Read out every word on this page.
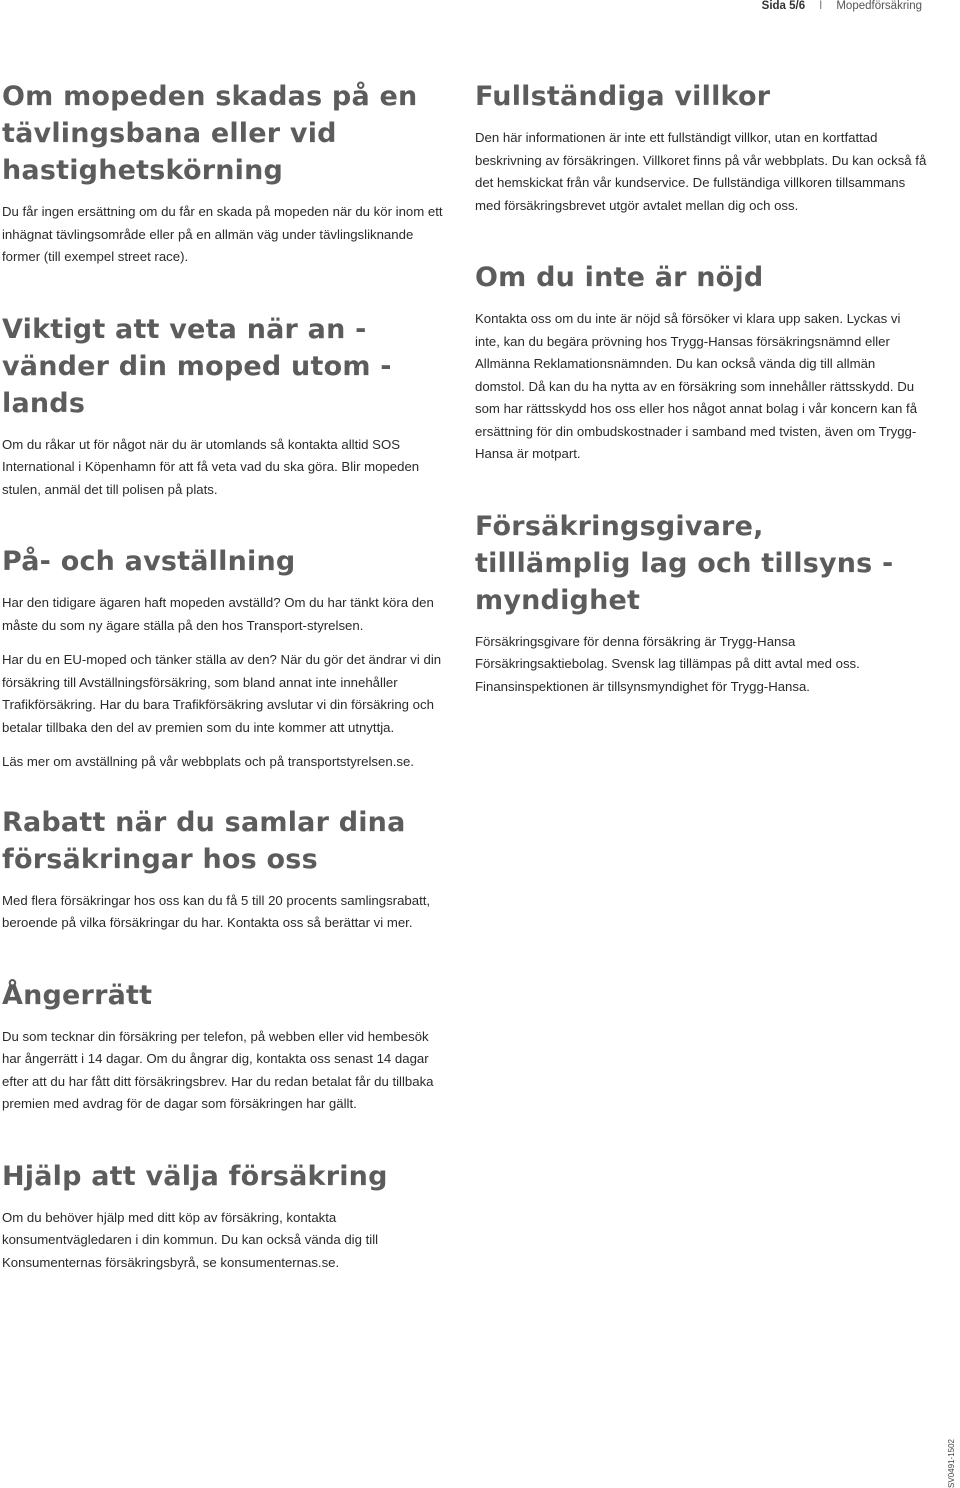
Sida 5/6 I Mopedförsäkring
Om mopeden skadas på en tävlingsbana eller vid hastighetskörning

Du får ingen ersättning om du får en skada på mopeden när du kör inom ett inhägnat tävlingsområde eller på en allmän väg under tävlingsliknande former (till exempel street race).

Viktigt att veta när an - vänder din moped utom - lands

Om du råkar ut för något när du är utomlands så kontakta alltid SOS International i Köpenhamn för att få veta vad du ska göra. Blir mopeden stulen, anmäl det till polisen på plats.

På- och avställning

Har den tidigare ägaren haft mopeden avställd? Om du har tänkt köra den måste du som ny ägare ställa på den hos Transport-styrelsen.

Har du en EU-moped och tänker ställa av den? När du gör det ändrar vi din försäkring till Avställningsförsäkring, som bland annat inte innehåller Trafikförsäkring. Har du bara Trafikförsäkring avslutar vi din försäkring och betalar tillbaka den del av premien som du inte kommer att utnyttja.

Läs mer om avställning på vår webbplats och på transportstyrelsen.se.

Rabatt när du samlar dina försäkringar hos oss

Med flera försäkringar hos oss kan du få 5 till 20 procents samlingsrabatt, beroende på vilka försäkringar du har. Kontakta oss så berättar vi mer.

Ångerrätt

Du som tecknar din försäkring per telefon, på webben eller vid hembesök har ångerrätt i 14 dagar. Om du ångrar dig, kontakta oss senast 14 dagar efter att du har fått ditt försäkringsbrev. Har du redan betalat får du tillbaka premien med avdrag för de dagar som försäkringen har gällt.

Hjälp att välja försäkring

Om du behöver hjälp med ditt köp av försäkring, kontakta konsumentvägledaren i din kommun. Du kan också vända dig till Konsumenternas försäkringsbyrå, se konsumenternas.se.

Fullständiga villkor

Den här informationen är inte ett fullständigt villkor, utan en kortfattad beskrivning av försäkringen. Villkoret finns på vår webbplats. Du kan också få det hemskickat från vår kundservice. De fullständiga villkoren tillsammans med försäkringsbrevet utgör avtalet mellan dig och oss.

Om du inte är nöjd

Kontakta oss om du inte är nöjd så försöker vi klara upp saken. Lyckas vi inte, kan du begära prövning hos Trygg-Hansas försäkringsnämnd eller Allmänna Reklamationsnämnden. Du kan också vända dig till allmän domstol. Då kan du ha nytta av en försäkring som innehåller rättsskydd. Du som har rättsskydd hos oss eller hos något annat bolag i vår koncern kan få ersättning för din ombudskostnader i samband med tvisten, även om Trygg-Hansa är motpart.

Försäkringsgivare, tilllämplig lag och tillsyns - myndighet

Försäkringsgivare för denna försäkring är Trygg-Hansa Försäkringsaktiebolag. Svensk lag tillämpas på ditt avtal med oss. Finansinspektionen är tillsynsmyndighet för Trygg-Hansa.

SV0491-1502
